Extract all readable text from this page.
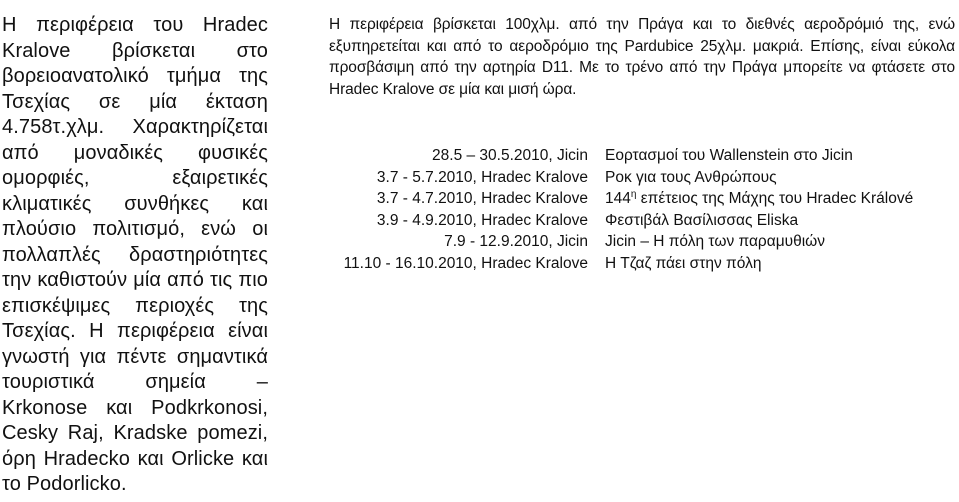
Η περιφέρεια του Hradec Kralove βρίσκεται στο βορειοανατολικό τμήμα της Τσεχίας σε μία έκταση 4.758τ.χλμ. Χαρακτηρίζεται από μοναδικές φυσικές ομορφιές, εξαιρετικές κλιματικές συνθήκες και πλούσιο πολιτισμό, ενώ οι πολλαπλές δραστηριότητες την καθιστούν μία από τις πιο επισκέψιμες περιοχές της Τσεχίας. Η περιφέρεια είναι γνωστή για πέντε σημαντικά τουριστικά σημεία – Krkonose και Podkrkonosi, Cesky Raj, Kradske pomezi, όρη Hradecko και Orlicke και το Podorlicko.

Η περιφέρεια βρίσκεται 100χλμ. από την Πράγα και το διεθνές αεροδρόμιό της, ενώ εξυπηρετείται και από το αεροδρόμιο της Pardubice 25χλμ. μακριά. Επίσης, είναι εύκολα προσβάσιμη από την αρτηρία D11. Με το τρένο από την Πράγα μπορείτε να φτάσετε στο Hradec Kralove σε μία και μισή ώρα.

28.5 – 30.5.2010, Jicin	Εορτασμοί του Wallenstein στο Jicin
3.7 - 5.7.2010, Hradec Kralove	Ροκ για τους Ανθρώπους
3.7 - 4.7.2010, Hradec Kralove	$144^\eta$ επέτειος της Μάχης του Hradec Králové
3.9 - 4.9.2010, Hradec Kralove	Φεστιβάλ Βασίλισσας Eliska
7.9 - 12.9.2010, Jicin	Jicin – Η πόλη των παραμυθιών
11.10 - 16.10.2010, Hradec Kralove	Η Τζαζ πάει στην πόλη
